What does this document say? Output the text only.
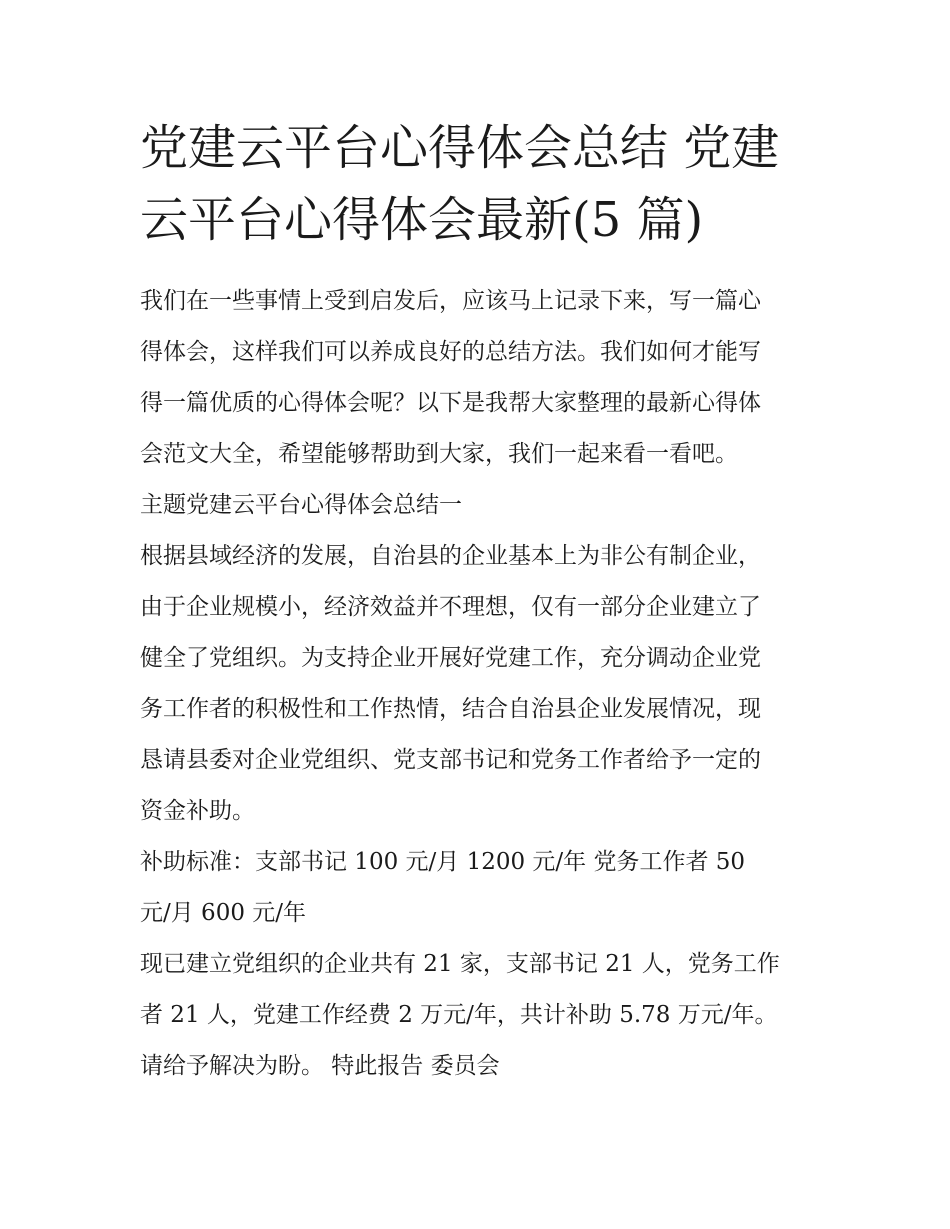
党建云平台心得体会总结 党建
云平台心得体会最新(5 篇)
我们在一些事情上受到启发后，应该马上记录下来，写一篇心
得体会，这样我们可以养成良好的总结方法。我们如何才能写
得一篇优质的心得体会呢？以下是我帮大家整理的最新心得体
会范文大全，希望能够帮助到大家，我们一起来看一看吧。
主题党建云平台心得体会总结一
根据县域经济的发展，自治县的企业基本上为非公有制企业，
由于企业规模小，经济效益并不理想，仅有一部分企业建立了
健全了党组织。为支持企业开展好党建工作，充分调动企业党
务工作者的积极性和工作热情，结合自治县企业发展情况，现
恳请县委对企业党组织、党支部书记和党务工作者给予一定的
资金补助。
补助标准：支部书记 100 元/月 1200 元/年 党务工作者 50
元/月 600 元/年
现已建立党组织的企业共有 21 家，支部书记 21 人，党务工作
者 21 人，党建工作经费 2 万元/年，共计补助 5.78 万元/年。
请给予解决为盼。 特此报告 委员会
